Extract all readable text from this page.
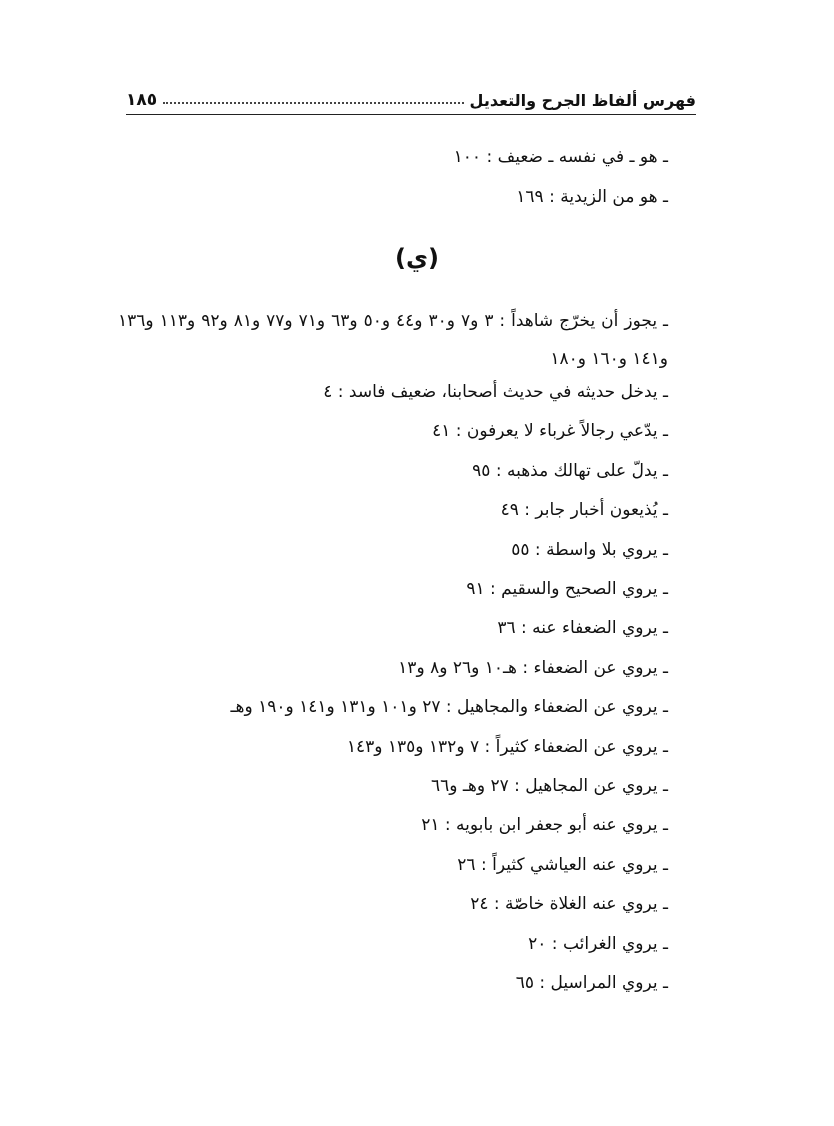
فهرس ألفاظ الجرح والتعديل
١٨٥
ـ هو ـ في نفسه ـ ضعيف : ١٠٠
ـ هو من الزيدية : ١٦٩
(ي)
ـ يجوز أن يخرّج شاهداً : ٣ و٧ و٣٠ و٤٤ و٥٠ و٦٣ و٧١ و٧٧ و٨١ و٩٢ و١١٣ و١٣٦ و١٤١ و١٦٠ و١٨٠
ـ يدخل حديثه في حديث أصحابنا، ضعيف فاسد : ٤
ـ يدّعي رجالاً غرباء لا يعرفون : ٤١
ـ يدلّ على تهالك مذهبه : ٩٥
ـ يُذيعون أخبار جابر : ٤٩
ـ يروي بلا واسطة : ٥٥
ـ يروي الصحيح والسقيم : ٩١
ـ يروي الضعفاء عنه : ٣٦
ـ يروي عن الضعفاء : هـ١٠ و٢٦ و٨ و١٣
ـ يروي عن الضعفاء والمجاهيل : ٢٧ و١٠١ و١٣١ و١٤١ و١٩٠ وهـ
ـ يروي عن الضعفاء كثيراً : ٧ و١٣٢ و١٣٥ و١٤٣
ـ يروي عن المجاهيل : ٢٧ وهـ و٦٦
ـ يروي عنه أبو جعفر ابن بابويه : ٢١
ـ يروي عنه العياشي كثيراً : ٢٦
ـ يروي عنه الغلاة خاصّة : ٢٤
ـ يروي الغرائب : ٢٠
ـ يروي المراسيل : ٦٥
